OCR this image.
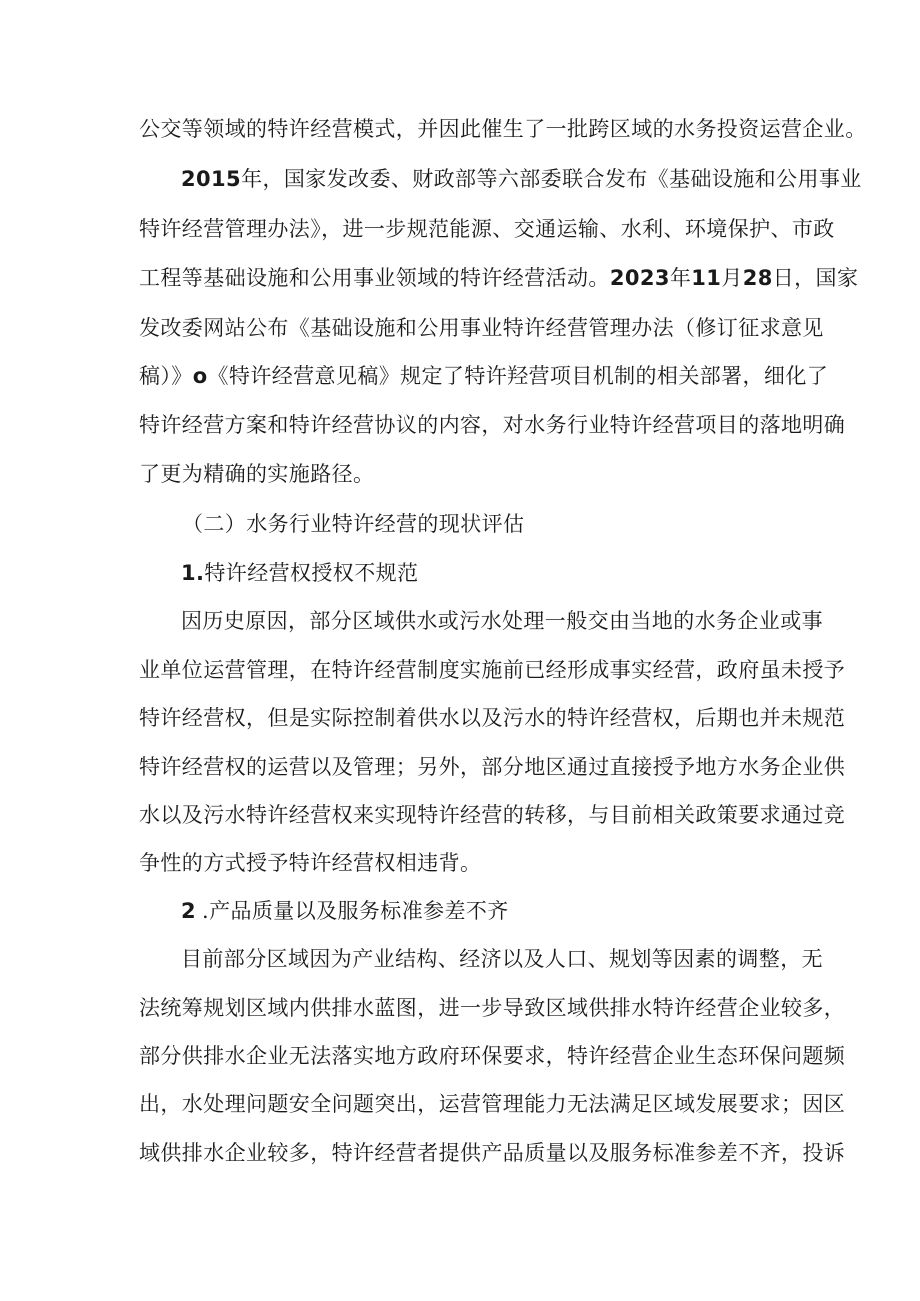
公交等领域的特许经营模式，并因此催生了一批跨区域的水务投资运营企业。
2015年，国家发改委、财政部等六部委联合发布《基础设施和公用事业
特许经营管理办法》，进一步规范能源、交通运输、水利、环境保护、市政
工程等基础设施和公用事业领域的特许经营活动。2023年11月28日，国家
发改委网站公布《基础设施和公用事业特许经营管理办法（修订征求意见
稿）》o《特许经营意见稿》规定了特许羟营项目机制的相关部署，细化了
特许经营方案和特许经营协议的内容，对水务行业特许经营项目的落地明确
了更为精确的实施路径。
（二）水务行业特许经营的现状评估
1.特许经营权授权不规范
因历史原因，部分区域供水或污水处理一般交由当地的水务企业或事
业单位运营管理，在特许经营制度实施前已经形成事实经营，政府虽未授予
特许经营权，但是实际控制着供水以及污水的特许经营权，后期也并未规范
特许经营权的运营以及管理；另外，部分地区通过直接授予地方水务企业供
水以及污水特许经营权来实现特许经营的转移，与目前相关政策要求通过竞
争性的方式授予特许经营权相违背。
2 .产品质量以及服务标准参差不齐
目前部分区域因为产业结构、经济以及人口、规划等因素的调整，无
法统筹规划区域内供排水蓝图，进一步导致区域供排水特许经营企业较多，
部分供排水企业无法落实地方政府环保要求，特许经营企业生态环保问题频
出，水处理问题安全问题突出，运营管理能力无法满足区域发展要求；因区
域供排水企业较多，特许经营者提供产品质量以及服务标准参差不齐，投诉
